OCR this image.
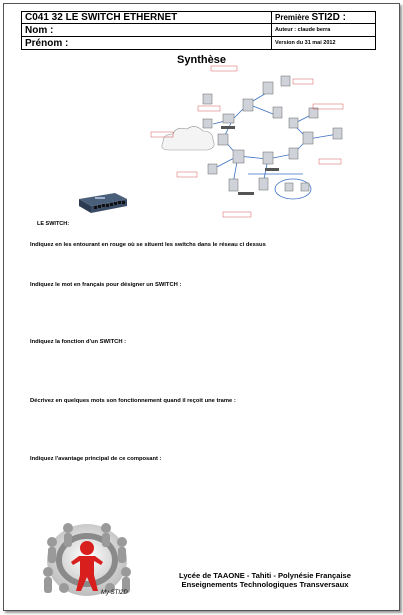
C041 32 LE SWITCH ETHERNET	Première STI2D :
Nom :	Auteur : claude berra
Prénom :	Version du 31 mai 2012
Synthèse
LE SWITCH:
Indiquez en les entourant en rouge où se situent les switchs dans le réseau ci dessus
Indiquez le mot en français pour désigner un SWITCH :
Indiquez la fonction d'un SWITCH :
Décrivez en quelques mots son fonctionnement quand il reçoit une trame :
Indiquez l'avantage principal de ce composant :
My STI2D
Lycée de TAAONE - Tahiti - Polynésie Française
Enseignements Technologiques Transversaux
